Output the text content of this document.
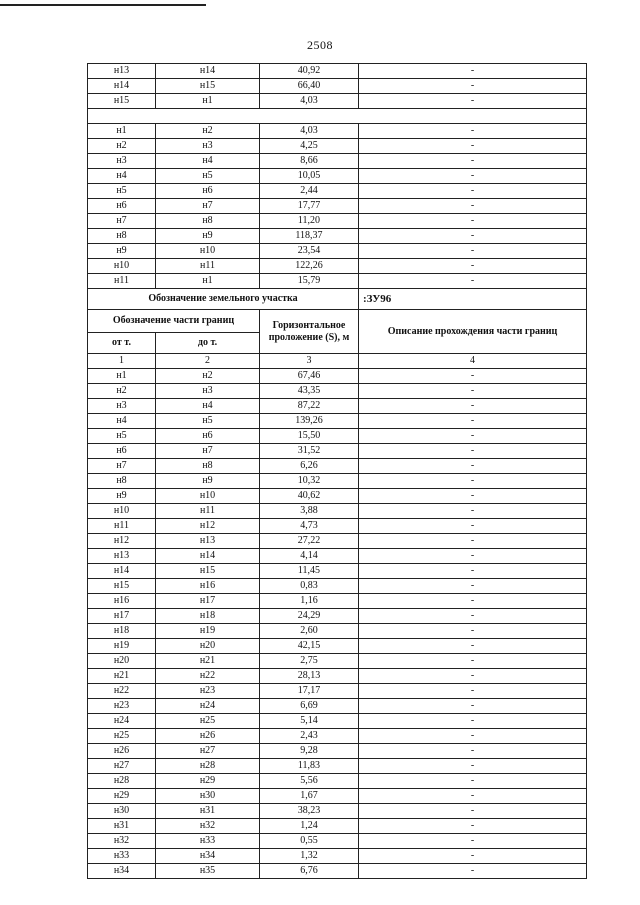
2508
н13	н14	40,92	-
н14	н15	66,40	-
н15	н1	4,03	-

н1	н2	4,03	-
н2	н3	4,25	-
н3	н4	8,66	-
н4	н5	10,05	-
н5	н6	2,44	-
н6	н7	17,77	-
н7	н8	11,20	-
н8	н9	118,37	-
н9	н10	23,54	-
н10	н11	122,26	-
н11	н1	15,79	-
Обозначение земельного участка			:ЗУ96
Обозначение части границ		Горизонтальное проложение (S), м	Описание прохождения части границ
от т.	до т.		
1	2	3	4
н1	н2	67,46	-
н2	н3	43,35	-
н3	н4	87,22	-
н4	н5	139,26	-
н5	н6	15,50	-
н6	н7	31,52	-
н7	н8	6,26	-
н8	н9	10,32	-
н9	н10	40,62	-
н10	н11	3,88	-
н11	н12	4,73	-
н12	н13	27,22	-
н13	н14	4,14	-
н14	н15	11,45	-
н15	н16	0,83	-
н16	н17	1,16	-
н17	н18	24,29	-
н18	н19	2,60	-
н19	н20	42,15	-
н20	н21	2,75	-
н21	н22	28,13	-
н22	н23	17,17	-
н23	н24	6,69	-
н24	н25	5,14	-
н25	н26	2,43	-
н26	н27	9,28	-
н27	н28	11,83	-
н28	н29	5,56	-
н29	н30	1,67	-
н30	н31	38,23	-
н31	н32	1,24	-
н32	н33	0,55	-
н33	н34	1,32	-
н34	н35	6,76	-
